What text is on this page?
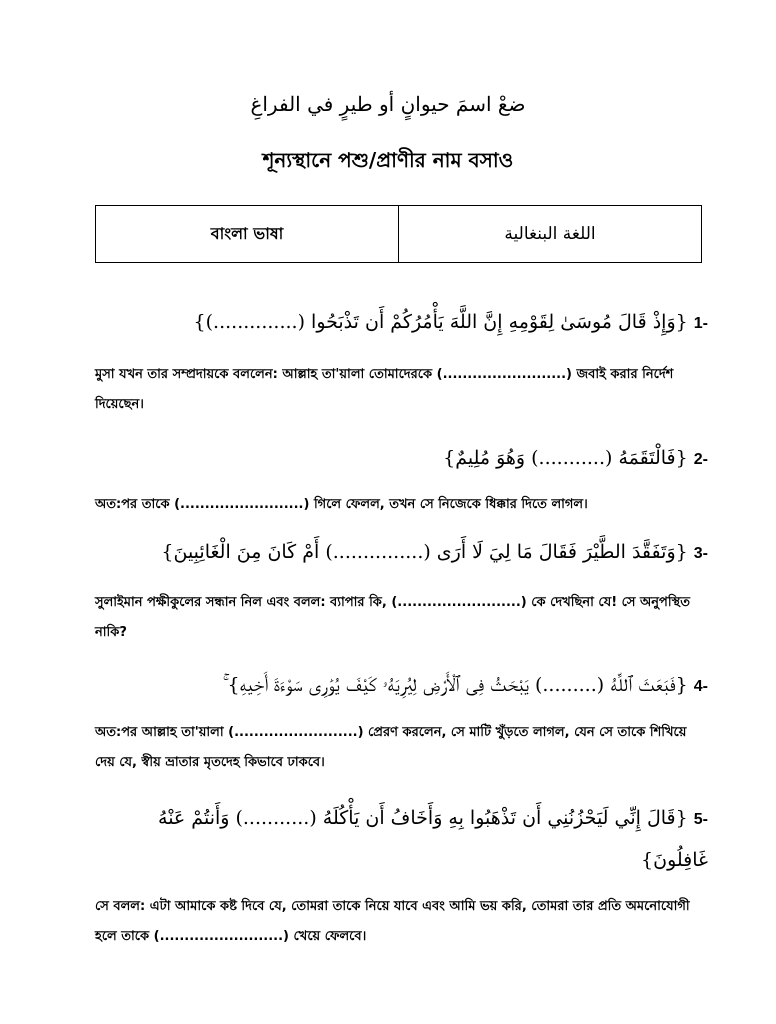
ضعْ اسمَ حيوانٍ أو طيرٍ في الفراغِ
শূন্যস্থানে পশু/প্রাণীর নাম বসাও
বাংলা ভাষা	اللغة البنغالية
-1 {وَإِذْ قَالَ مُوسَىٰ لِقَوْمِهِ إِنَّ اللَّهَ يَأْمُرُكُمْ أَن تَذْبَحُوا (..............)}
মুসা যখন তার সম্প্রদায়কে বললেন: আল্লাহ তা'য়ালা তোমাদেরকে (.........................) জবাই করার নির্দেশ দিয়েছেন।
-2 {فَالْتَقَمَهُ (...........) وَهُوَ مُلِيمٌ}
অত:পর তাকে (.........................) গিলে ফেলল, তখন সে নিজেকে ধিক্কার দিতে লাগল।
-3 {وَتَفَقَّدَ الطَّيْرَ فَقَالَ مَا لِيَ لَا أَرَى (...............) أَمْ كَانَ مِنَ الْغَائِبِينَ}
সুলাইমান পক্ষীকুলের সন্ধান নিল এবং বলল: ব্যাপার কি, (.........................) কে দেখছিনা যে! সে অনুপস্থিত নাকি?
-4 {فَبَعَثَ ٱللَّهُ (.........) يَبْحَثُ فِى ٱلْأَرْضِ لِيُرِيَهُۥ كَيْفَ يُوَٰرِى سَوْءَةَ أَخِيهِ} ۚ
অত:পর আল্লাহ তা'য়ালা (.........................) প্রেরণ করলেন, সে মাটি খুঁড়তে লাগল, যেন সে তাকে শিখিয়ে দেয় যে, স্বীয় ভ্রাতার মৃতদেহ কিভাবে ঢাকবে।
-5 {قَالَ إِنِّي لَيَحْزُنُنِي أَن تَذْهَبُوا بِهِ وَأَخَافُ أَن يَأْكُلَهُ (...........) وَأَنتُمْ عَنْهُ غَافِلُونَ}
সে বলল: এটা আমাকে কষ্ট দিবে যে, তোমরা তাকে নিয়ে যাবে এবং আমি ভয় করি, তোমরা তার প্রতি অমনোযোগী হলে তাকে (.........................) খেয়ে ফেলবে।
